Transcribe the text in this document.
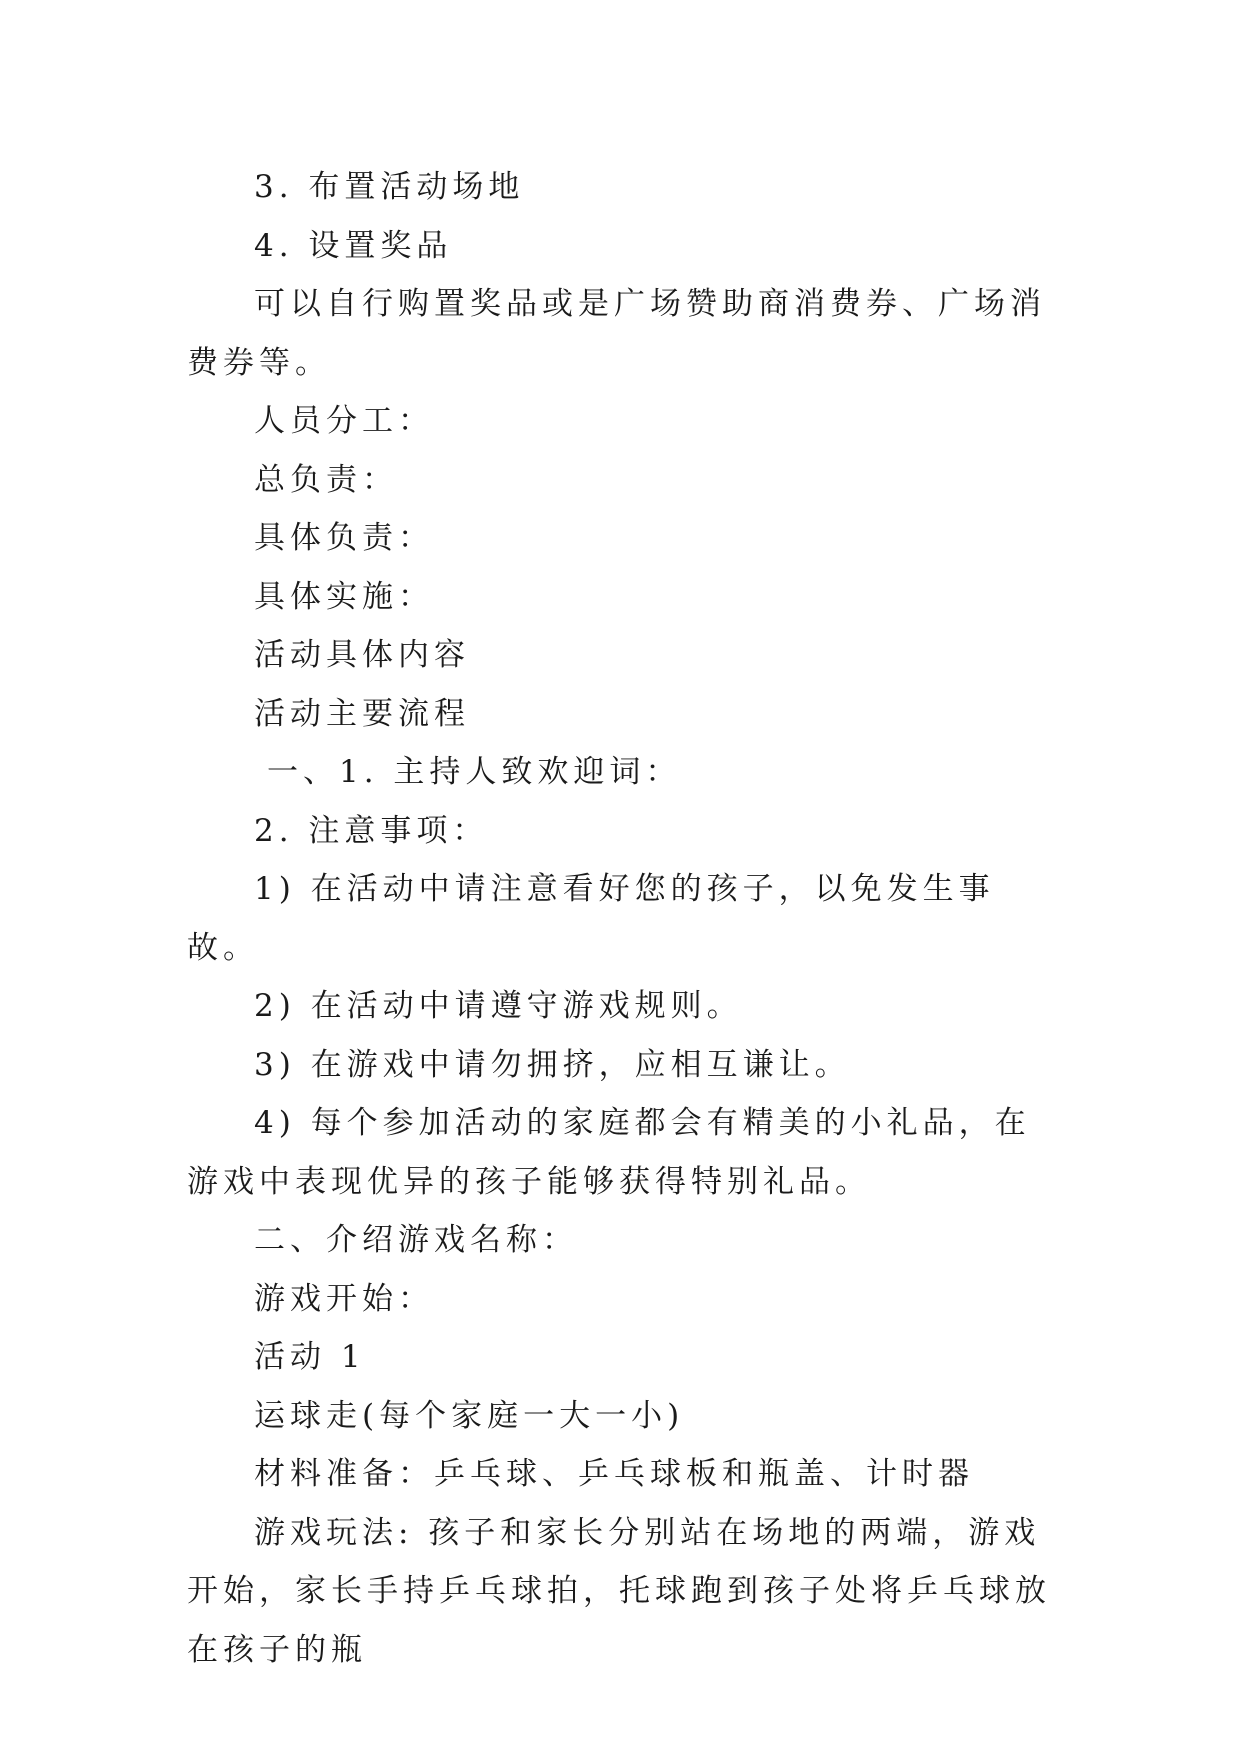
3. 布置活动场地

4. 设置奖品

可以自行购置奖品或是广场赞助商消费券、广场消费券等。

人员分工：

总负责：

具体负责：

具体实施：

活动具体内容

活动主要流程

一、1. 主持人致欢迎词：

2. 注意事项：

1) 在活动中请注意看好您的孩子，以免发生事故。

2) 在活动中请遵守游戏规则。

3) 在游戏中请勿拥挤，应相互谦让。

4) 每个参加活动的家庭都会有精美的小礼品，在游戏中表现优异的孩子能够获得特别礼品。

二、介绍游戏名称：

游戏开始：

活动 1

运球走(每个家庭一大一小)

材料准备：乒乓球、乒乓球板和瓶盖、计时器

游戏玩法: 孩子和家长分别站在场地的两端，游戏开始，家长手持乒乓球拍，托球跑到孩子处将乒乓球放在孩子的瓶
